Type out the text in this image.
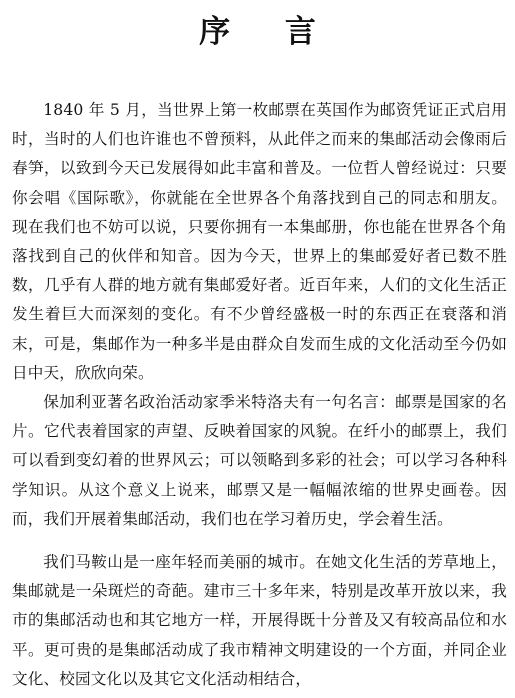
序 言

1840 年 5 月，当世界上第一枚邮票在英国作为邮资凭证正式启用时，当时的人们也许谁也不曾预料，从此伴之而来的集邮活动会像雨后春笋，以致到今天已发展得如此丰富和普及。一位哲人曾经说过：只要你会唱《国际歌》，你就能在全世界各个角落找到自己的同志和朋友。现在我们也不妨可以说，只要你拥有一本集邮册，你也能在世界各个角落找到自己的伙伴和知音。因为今天，世界上的集邮爱好者已数不胜数，几乎有人群的地方就有集邮爱好者。近百年来，人们的文化生活正发生着巨大而深刻的变化。有不少曾经盛极一时的东西正在衰落和消末，可是，集邮作为一种多半是由群众自发而生成的文化活动至今仍如日中天，欣欣向荣。

保加利亚著名政治活动家季米特洛夫有一句名言：邮票是国家的名片。它代表着国家的声望、反映着国家的风貌。在纤小的邮票上，我们可以看到变幻着的世界风云；可以领略到多彩的社会；可以学习各种科学知识。从这个意义上说来，邮票又是一幅幅浓缩的世界史画卷。因而，我们开展着集邮活动，我们也在学习着历史，学会着生活。

我们马鞍山是一座年轻而美丽的城市。在她文化生活的芳草地上，集邮就是一朵斑烂的奇葩。建市三十多年来，特别是改革开放以来，我市的集邮活动也和其它地方一样，开展得既十分普及又有较高品位和水平。更可贵的是集邮活动成了我市精神文明建设的一个方面，并同企业文化、校园文化以及其它文化活动相结合，
